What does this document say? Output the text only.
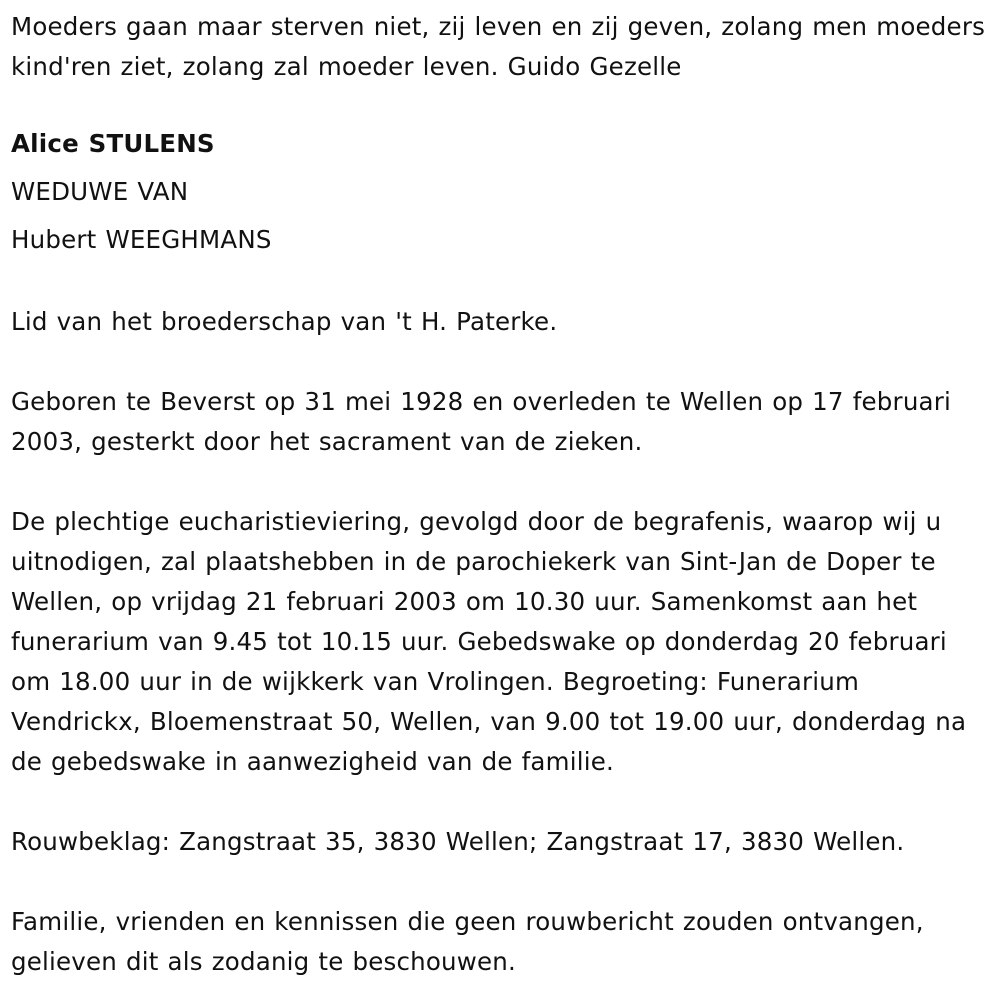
Moeders gaan maar sterven niet, zij leven en zij geven, zolang men moeders kind'ren ziet, zolang zal moeder leven. Guido Gezelle

Alice STULENS

WEDUWE VAN

Hubert WEEGHMANS

Lid van het broederschap van 't H. Paterke.

Geboren te Beverst op 31 mei 1928 en overleden te Wellen op 17 februari 2003, gesterkt door het sacrament van de zieken.

De plechtige eucharistieviering, gevolgd door de begrafenis, waarop wij u uitnodigen, zal plaatshebben in de parochiekerk van Sint-Jan de Doper te Wellen, op vrijdag 21 februari 2003 om 10.30 uur. Samenkomst aan het funerarium van 9.45 tot 10.15 uur. Gebedswake op donderdag 20 februari om 18.00 uur in de wijkkerk van Vrolingen. Begroeting: Funerarium Vendrickx, Bloemenstraat 50, Wellen, van 9.00 tot 19.00 uur, donderdag na de gebedswake in aanwezigheid van de familie.

Rouwbeklag: Zangstraat 35, 3830 Wellen; Zangstraat 17, 3830 Wellen.

Familie, vrienden en kennissen die geen rouwbericht zouden ontvangen, gelieven dit als zodanig te beschouwen.
